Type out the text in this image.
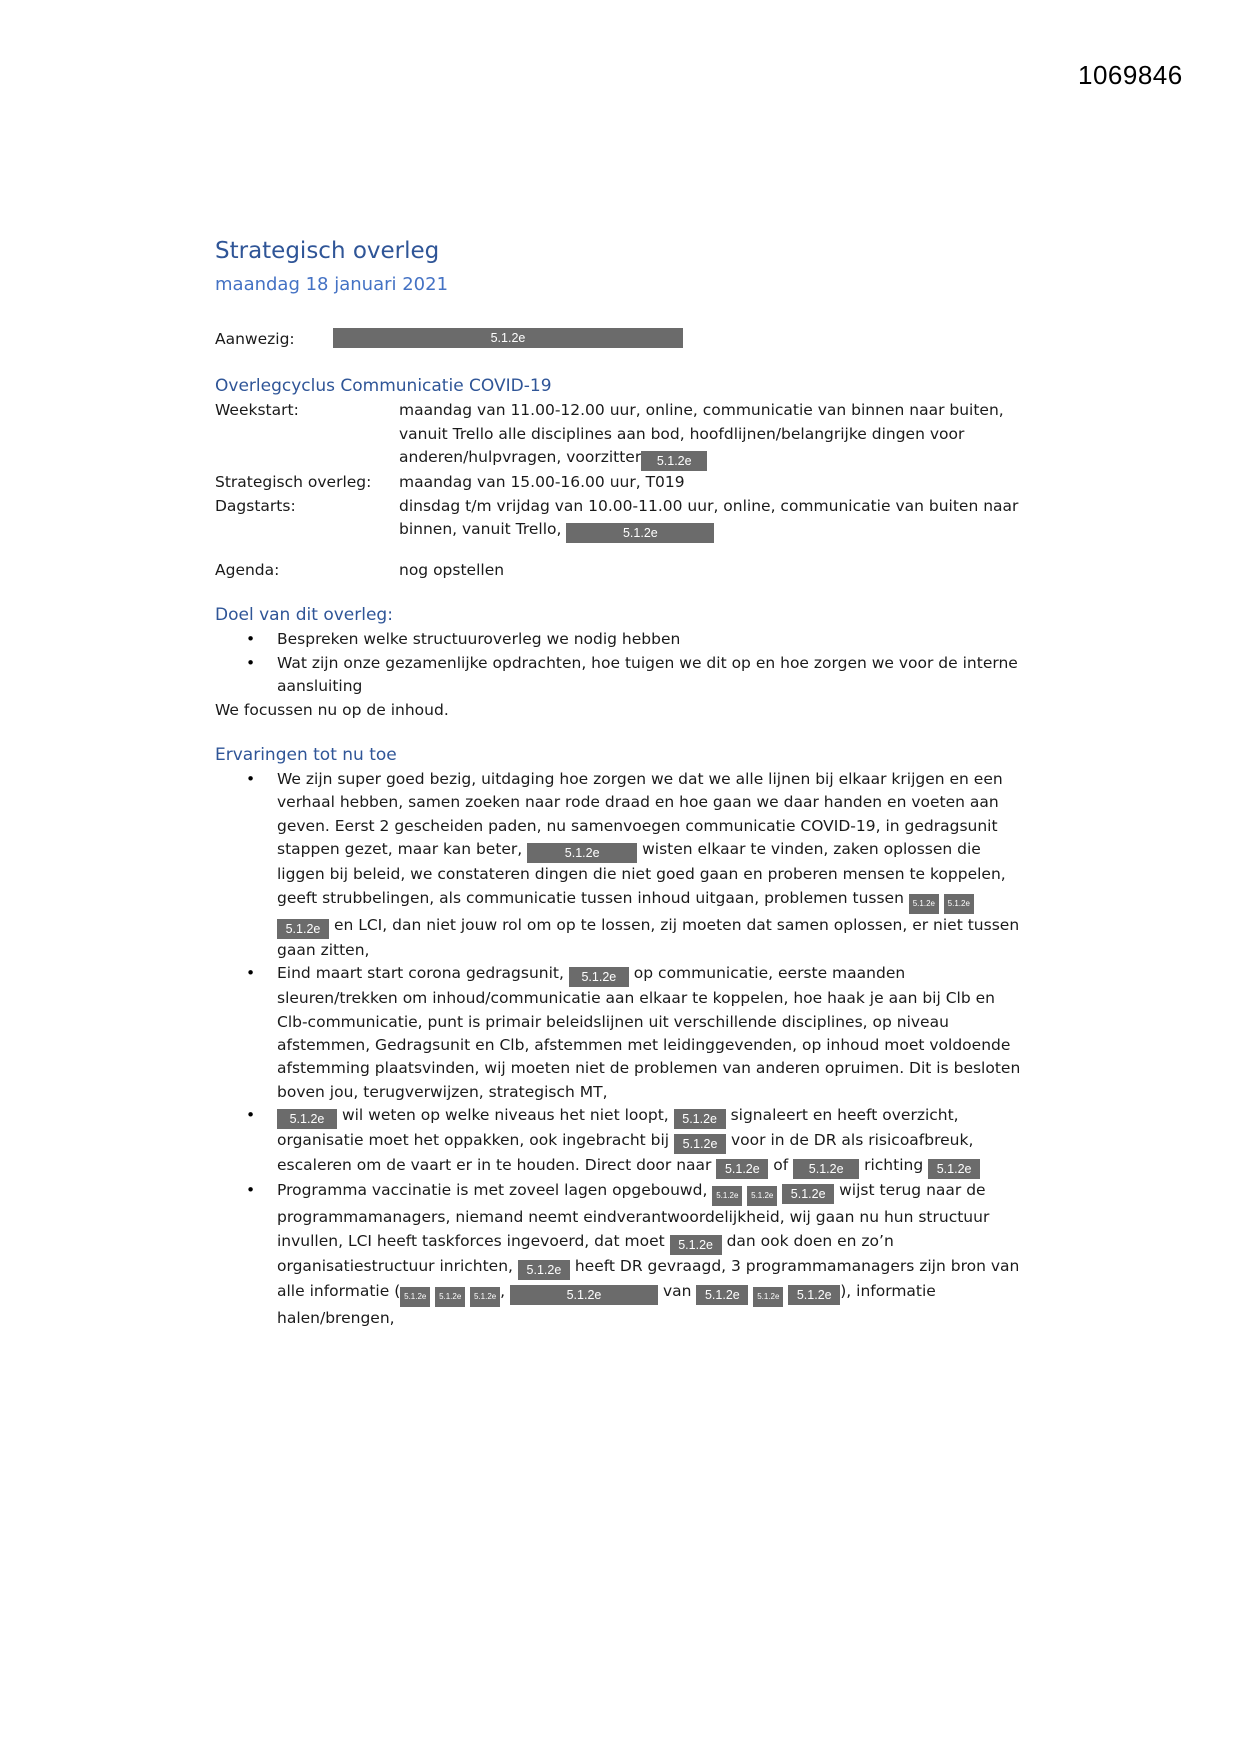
1069846
Strategisch overleg
maandag 18 januari 2021
Aanwezig:	5.1.2e
Overlegcyclus Communicatie COVID-19
Weekstart:	maandag van 11.00-12.00 uur, online, communicatie van binnen naar buiten, vanuit Trello alle disciplines aan bod, hoofdlijnen/belangrijke dingen voor anderen/hulpvragen, voorzitter 5.1.2e
Strategisch overleg:	maandag van 15.00-16.00 uur, T019
Dagstarts:	dinsdag t/m vrijdag van 10.00-11.00 uur, online, communicatie van buiten naar binnen, vanuit Trello,	5.1.2e
Agenda:	nog opstellen
Doel van dit overleg:
• Bespreken welke structuuroverleg we nodig hebben
• Wat zijn onze gezamenlijke opdrachten, hoe tuigen we dit op en hoe zorgen we voor de interne aansluiting
We focussen nu op de inhoud.
Ervaringen tot nu toe
• We zijn super goed bezig, uitdaging hoe zorgen we dat we alle lijnen bij elkaar krijgen en een verhaal hebben, samen zoeken naar rode draad en hoe gaan we daar handen en voeten aan geven. Eerst 2 gescheiden paden, nu samenvoegen communicatie COVID-19, in gedragsunit stappen gezet, maar kan beter,	5.1.2e	wisten elkaar te vinden, zaken oplossen die liggen bij beleid, we constateren dingen die niet goed gaan en proberen mensen te koppelen, geeft strubbelingen, als communicatie tussen inhoud uitgaan, problemen tussen 5.1.2e 5.1.2e 5.1.2e en LCI, dan niet jouw rol om op te lossen, zij moeten dat samen oplossen, er niet tussen gaan zitten,
• Eind maart start corona gedragsunit, 5.1.2e op communicatie, eerste maanden sleuren/trekken om inhoud/communicatie aan elkaar te koppelen, hoe haak je aan bij Clb en Clb-communicatie, punt is primair beleidslijnen uit verschillende disciplines, op niveau afstemmen, Gedragsunit en Clb, afstemmen met leidinggevenden, op inhoud moet voldoende afstemming plaatsvinden, wij moeten niet de problemen van anderen opruimen. Dit is besloten boven jou, terugverwijzen, strategisch MT,
• 5.1.2e wil weten op welke niveaus het niet loopt, 5.1.2e signaleert en heeft overzicht, organisatie moet het oppakken, ook ingebracht bij 5.1.2e voor in de DR als risicoafbreuk, escaleren om de vaart er in te houden. Direct door naar 5.1.2e of 5.1.2e richting 5.1.2e
• Programma vaccinatie is met zoveel lagen opgebouwd, 5.1.2e 5.1.2e 5.1.2e wijst terug naar de programmamanagers, niemand neemt eindverantwoordelijkheid, wij gaan nu hun structuur invullen, LCI heeft taskforces ingevoerd, dat moet 5.1.2e dan ook doen en zo’n organisatiestructuur inrichten, 5.1.2e heeft DR gevraagd, 3 programmamanagers zijn bron van alle informatie ( 5.1.2e 5.1.2e 5.1.2e ,	5.1.2e	van 5.1.2e 5.1.2e 5.1.2e ), informatie halen/brengen,
